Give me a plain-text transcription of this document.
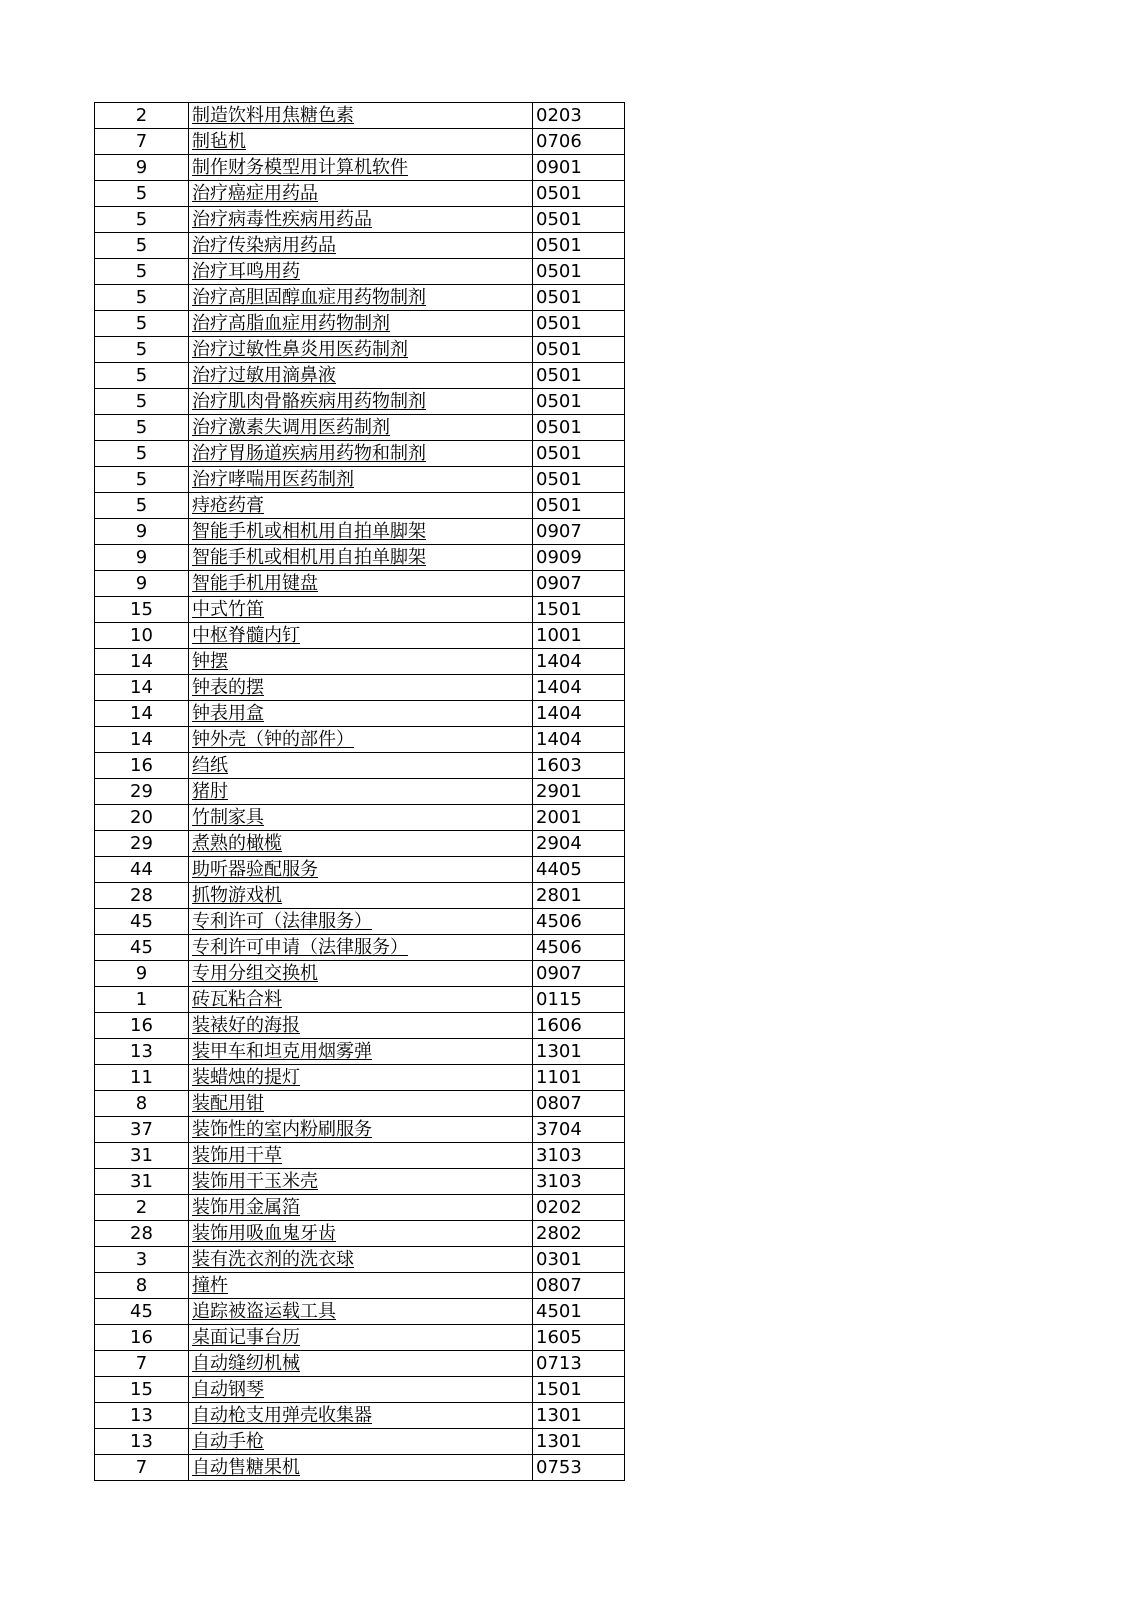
2	制造饮料用焦糖色素	0203
7	制毡机	0706
9	制作财务模型用计算机软件	0901
5	治疗癌症用药品	0501
5	治疗病毒性疾病用药品	0501
5	治疗传染病用药品	0501
5	治疗耳鸣用药	0501
5	治疗高胆固醇血症用药物制剂	0501
5	治疗高脂血症用药物制剂	0501
5	治疗过敏性鼻炎用医药制剂	0501
5	治疗过敏用滴鼻液	0501
5	治疗肌肉骨骼疾病用药物制剂	0501
5	治疗激素失调用医药制剂	0501
5	治疗胃肠道疾病用药物和制剂	0501
5	治疗哮喘用医药制剂	0501
5	痔疮药膏	0501
9	智能手机或相机用自拍单脚架	0907
9	智能手机或相机用自拍单脚架	0909
9	智能手机用键盘	0907
15	中式竹笛	1501
10	中枢脊髓内钉	1001
14	钟摆	1404
14	钟表的摆	1404
14	钟表用盒	1404
14	钟外壳（钟的部件）	1404
16	绉纸	1603
29	猪肘	2901
20	竹制家具	2001
29	煮熟的橄榄	2904
44	助听器验配服务	4405
28	抓物游戏机	2801
45	专利许可（法律服务）	4506
45	专利许可申请（法律服务）	4506
9	专用分组交换机	0907
1	砖瓦粘合料	0115
16	装裱好的海报	1606
13	装甲车和坦克用烟雾弹	1301
11	装蜡烛的提灯	1101
8	装配用钳	0807
37	装饰性的室内粉刷服务	3704
31	装饰用干草	3103
31	装饰用干玉米壳	3103
2	装饰用金属箔	0202
28	装饰用吸血鬼牙齿	2802
3	装有洗衣剂的洗衣球	0301
8	撞杵	0807
45	追踪被盗运载工具	4501
16	桌面记事台历	1605
7	自动缝纫机械	0713
15	自动钢琴	1501
13	自动枪支用弹壳收集器	1301
13	自动手枪	1301
7	自动售糖果机	0753
